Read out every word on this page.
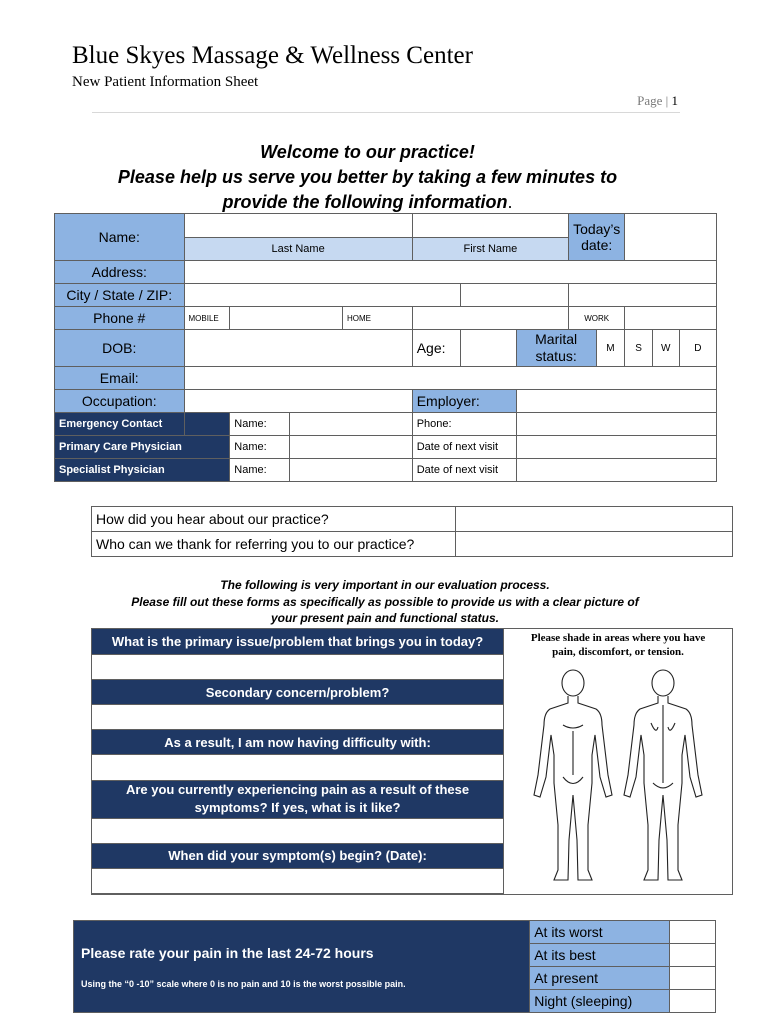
Blue Skyes Massage & Wellness Center
New Patient Information Sheet
Page | 1
Welcome to our practice!
Please help us serve you better by taking a few minutes to
provide the following information.
Name:								Today’s date:				
	Last Name				First Name							
Address:												
City / State / ZIP:												
Phone #	MOBILE			HOME				WORK				
DOB:					Age:		Marital status:		M	S	W	D
Email:												
Occupation:					Employer:							
Emergency Contact		Name:			Phone:							
Primary Care Physician		Name:			Date of next visit							
Specialist Physician		Name:			Date of next visit							
How did you hear about our practice?	
Who can we thank for referring you to our practice?	
The following is very important in our evaluation process.
Please fill out these forms as specifically as possible to provide us with a clear picture of
your present pain and functional status.
What is the primary issue/problem that brings you in today?	Please shade in areas where you have
pain, discomfort, or tension.

Secondary concern/problem?

As a result, I am now having difficulty with:

Are you currently experiencing pain as a result of these
symptoms? If yes, what is it like?

When did your symptom(s) begin? (Date):

Please rate your pain in the last 24-72 hours
Using the “0 -10” scale where 0 is no pain and 10 is the worst possible pain.	At its worst	
	At its best	
	At present	
	Night (sleeping)	
